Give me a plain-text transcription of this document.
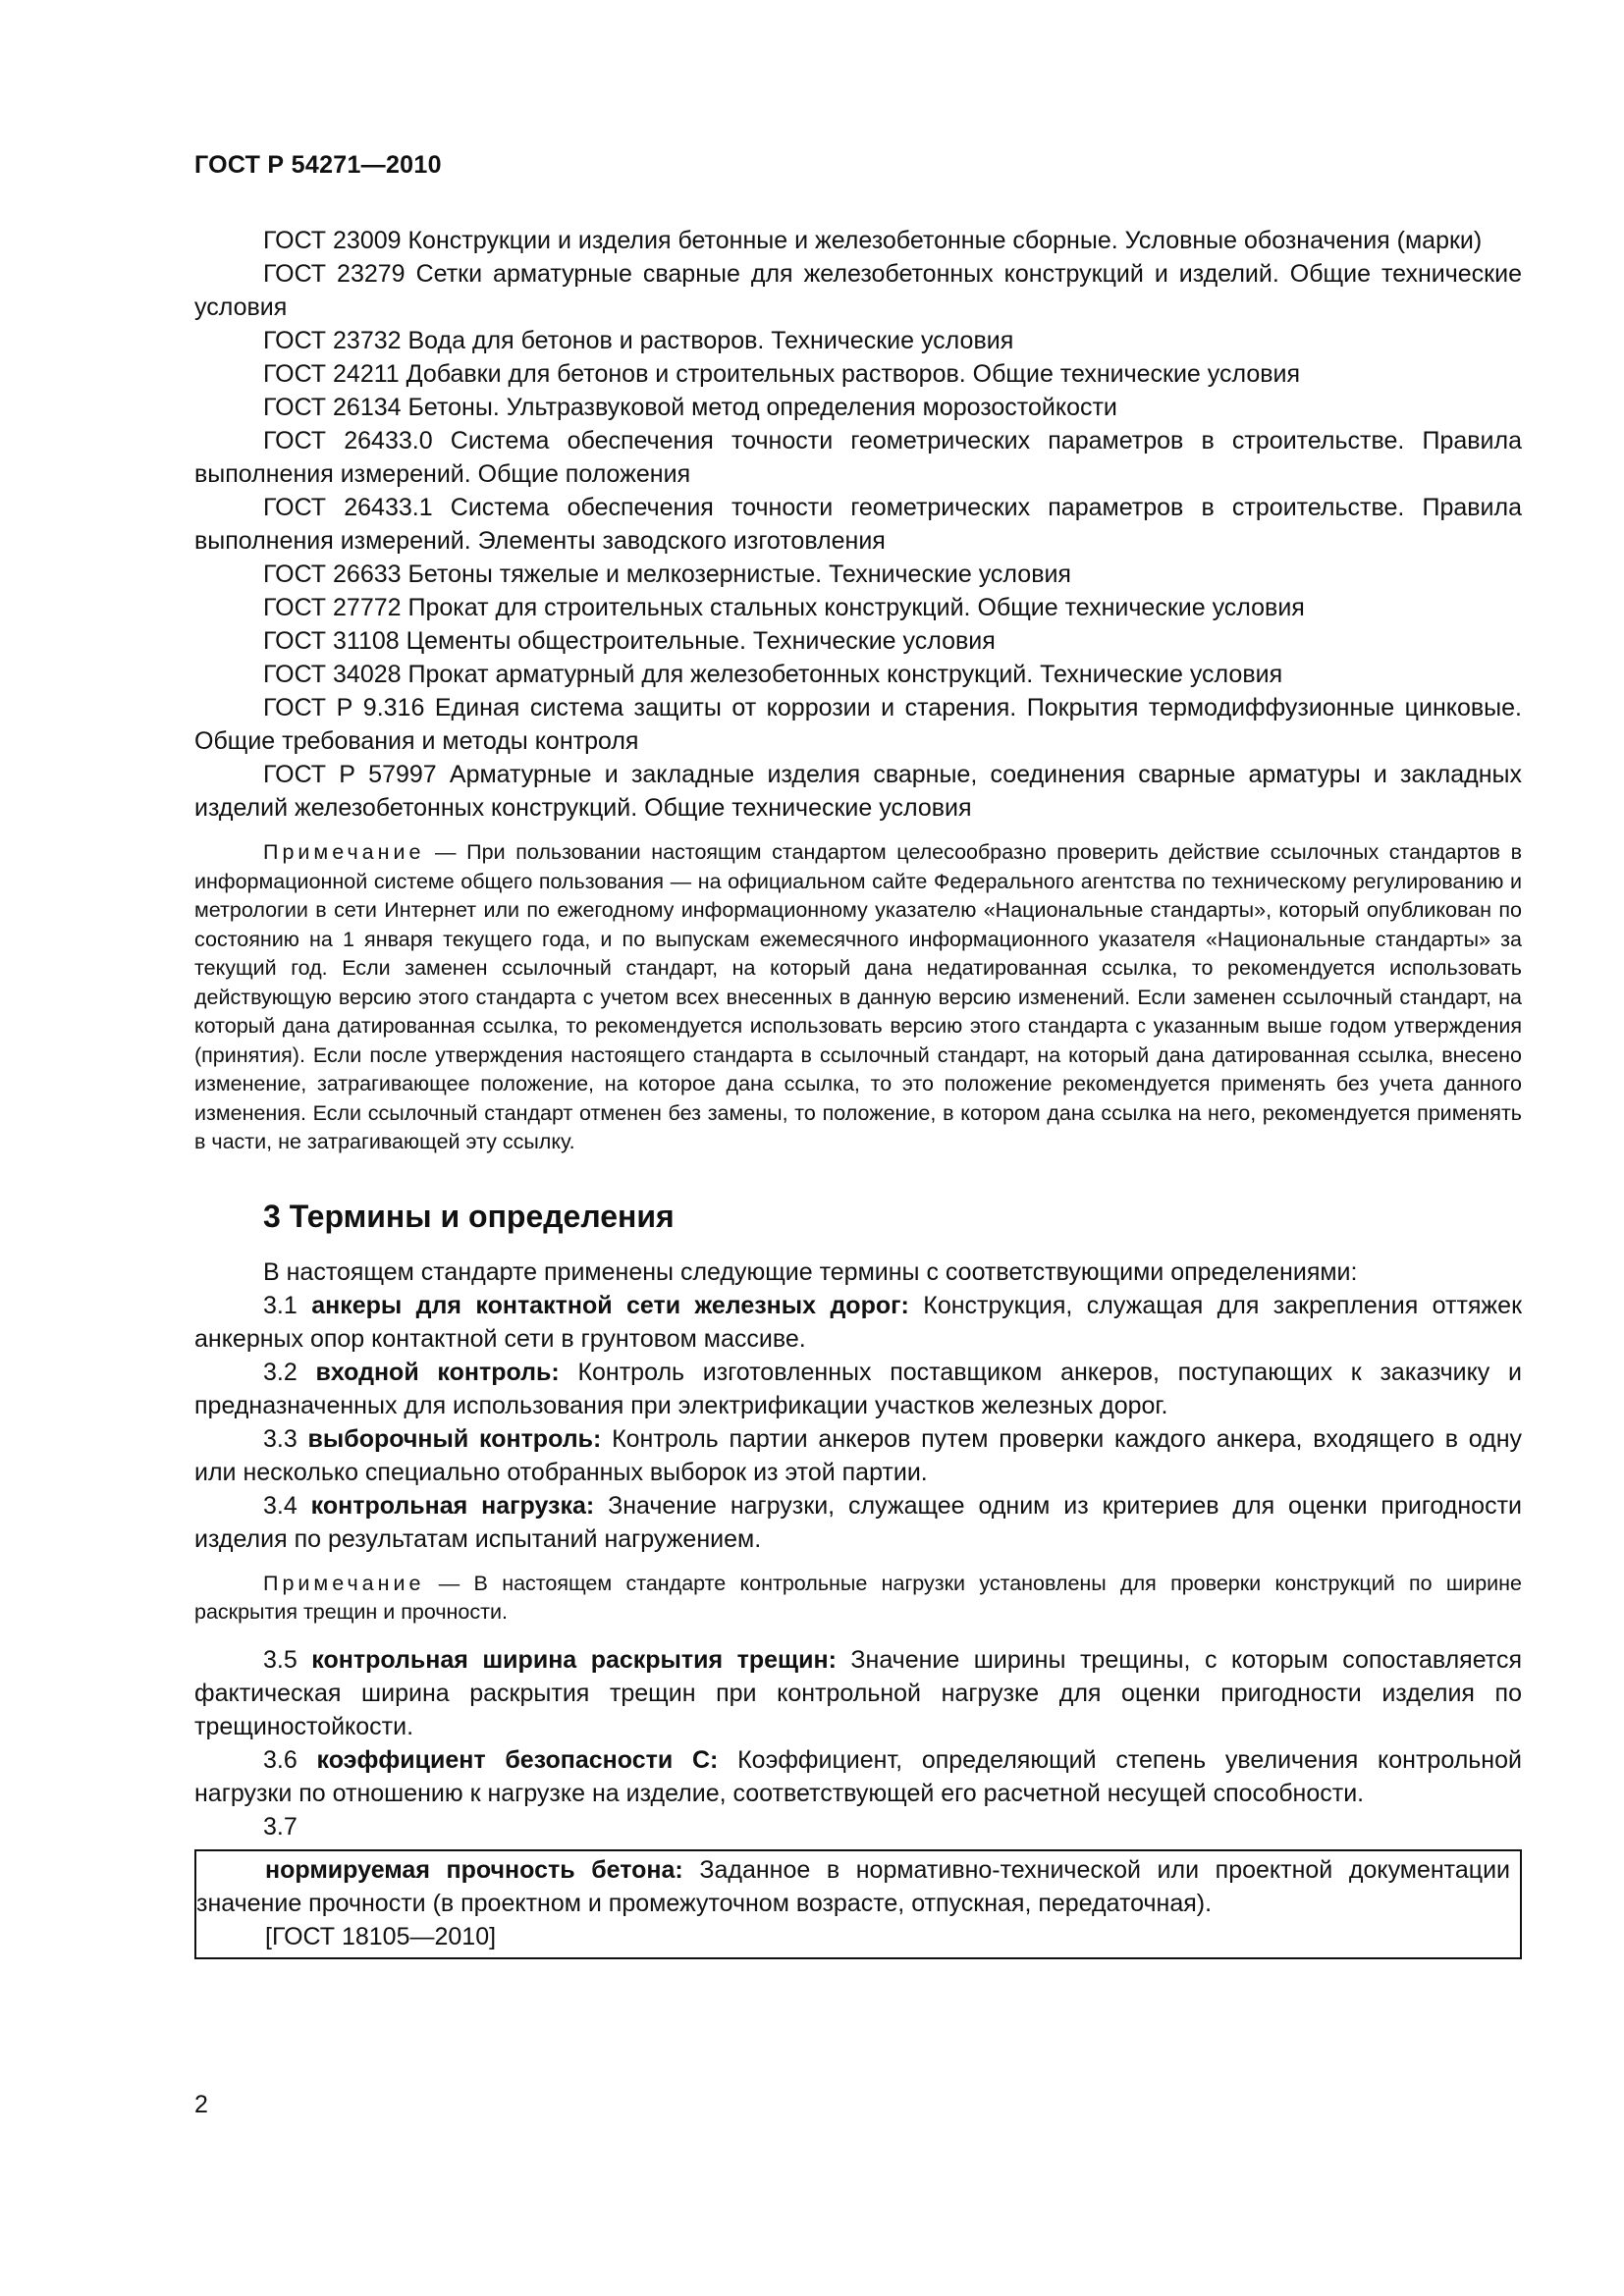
ГОСТ Р 54271—2010

ГОСТ 23009 Конструкции и изделия бетонные и железобетонные сборные. Условные обозначения (марки)

ГОСТ 23279 Сетки арматурные сварные для железобетонных конструкций и изделий. Общие технические условия

ГОСТ 23732 Вода для бетонов и растворов. Технические условия

ГОСТ 24211 Добавки для бетонов и строительных растворов. Общие технические условия

ГОСТ 26134 Бетоны. Ультразвуковой метод определения морозостойкости

ГОСТ 26433.0 Система обеспечения точности геометрических параметров в строительстве. Правила выполнения измерений. Общие положения

ГОСТ 26433.1 Система обеспечения точности геометрических параметров в строительстве. Правила выполнения измерений. Элементы заводского изготовления

ГОСТ 26633 Бетоны тяжелые и мелкозернистые. Технические условия

ГОСТ 27772 Прокат для строительных стальных конструкций. Общие технические условия

ГОСТ 31108 Цементы общестроительные. Технические условия

ГОСТ 34028 Прокат арматурный для железобетонных конструкций. Технические условия

ГОСТ Р 9.316 Единая система защиты от коррозии и старения. Покрытия термодиффузионные цинковые. Общие требования и методы контроля

ГОСТ Р 57997 Арматурные и закладные изделия сварные, соединения сварные арматуры и закладных изделий железобетонных конструкций. Общие технические условия

Примечание — При пользовании настоящим стандартом целесообразно проверить действие ссылочных стандартов в информационной системе общего пользования — на официальном сайте Федерального агентства по техническому регулированию и метрологии в сети Интернет или по ежегодному информационному указателю «Национальные стандарты», который опубликован по состоянию на 1 января текущего года, и по выпускам ежемесячного информационного указателя «Национальные стандарты» за текущий год. Если заменен ссылочный стандарт, на который дана недатированная ссылка, то рекомендуется использовать действующую версию этого стандарта с учетом всех внесенных в данную версию изменений. Если заменен ссылочный стандарт, на который дана датированная ссылка, то рекомендуется использовать версию этого стандарта с указанным выше годом утверждения (принятия). Если после утверждения настоящего стандарта в ссылочный стандарт, на который дана датированная ссылка, внесено изменение, затрагивающее положение, на которое дана ссылка, то это положение рекомендуется применять без учета данного изменения. Если ссылочный стандарт отменен без замены, то положение, в котором дана ссылка на него, рекомендуется применять в части, не затрагивающей эту ссылку.

3 Термины и определения

В настоящем стандарте применены следующие термины с соответствующими определениями:

3.1 анкеры для контактной сети железных дорог: Конструкция, служащая для закрепления оттяжек анкерных опор контактной сети в грунтовом массиве.

3.2 входной контроль: Контроль изготовленных поставщиком анкеров, поступающих к заказчику и предназначенных для использования при электрификации участков железных дорог.

3.3 выборочный контроль: Контроль партии анкеров путем проверки каждого анкера, входящего в одну или несколько специально отобранных выборок из этой партии.

3.4 контрольная нагрузка: Значение нагрузки, служащее одним из критериев для оценки пригодности изделия по результатам испытаний нагружением.

Примечание — В настоящем стандарте контрольные нагрузки установлены для проверки конструкций по ширине раскрытия трещин и прочности.

3.5 контрольная ширина раскрытия трещин: Значение ширины трещины, с которым сопоставляется фактическая ширина раскрытия трещин при контрольной нагрузке для оценки пригодности изделия по трещиностойкости.

3.6 коэффициент безопасности С: Коэффициент, определяющий степень увеличения контрольной нагрузки по отношению к нагрузке на изделие, соответствующей его расчетной несущей способности.

3.7

нормируемая прочность бетона: Заданное в нормативно-технической или проектной документации значение прочности (в проектном и промежуточном возрасте, отпускная, передаточная).

[ГОСТ 18105—2010]

2
